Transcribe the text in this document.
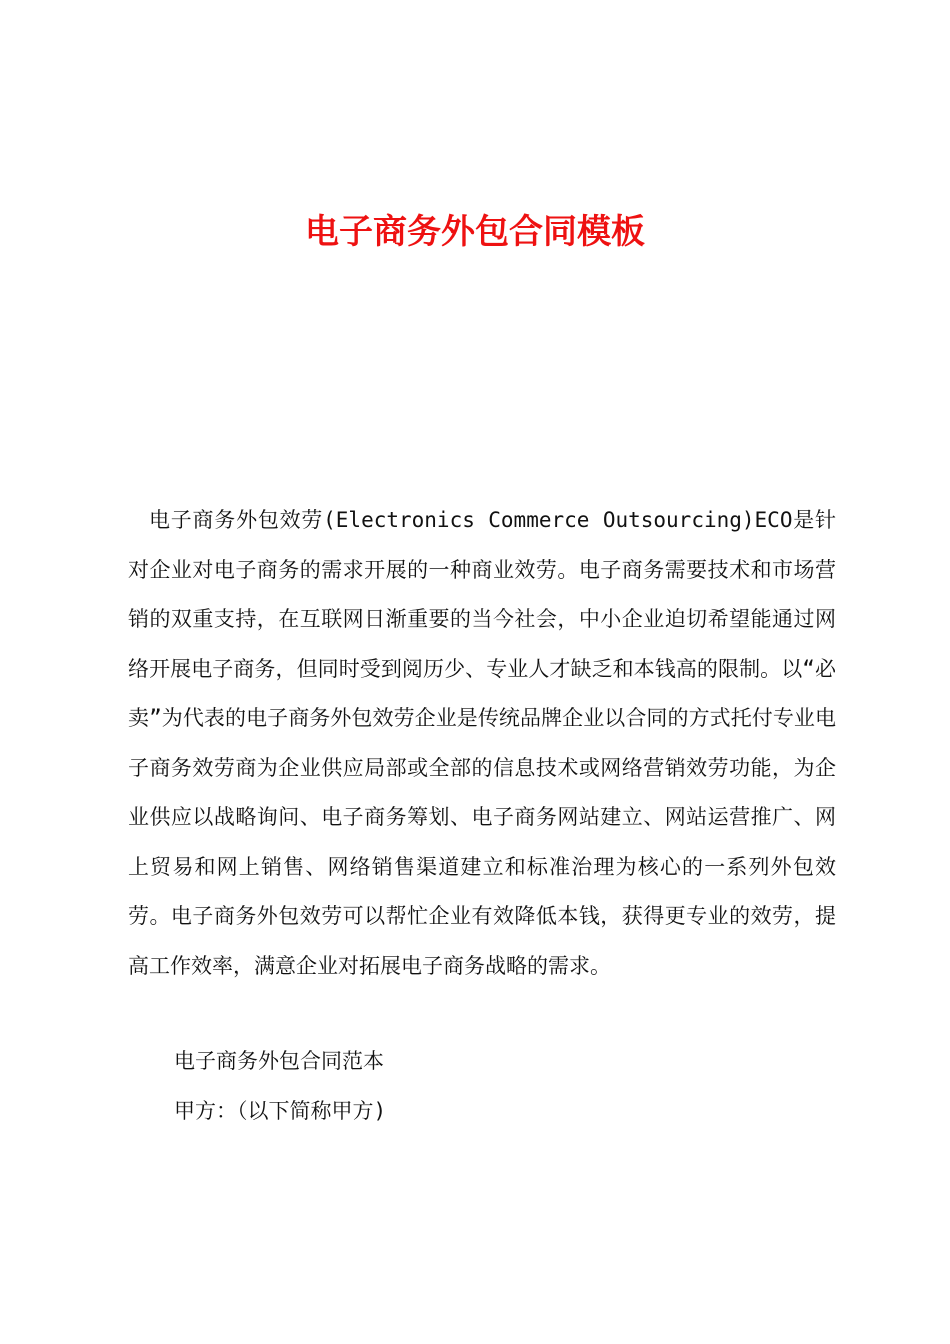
电子商务外包合同模板

电子商务外包效劳(Electronics Commerce Outsourcing)ECO是针对企业对电子商务的需求开展的一种商业效劳。电子商务需要技术和市场营销的双重支持，在互联网日渐重要的当今社会，中小企业迫切希望能通过网络开展电子商务，但同时受到阅历少、专业人才缺乏和本钱高的限制。以“必卖”为代表的电子商务外包效劳企业是传统品牌企业以合同的方式托付专业电子商务效劳商为企业供应局部或全部的信息技术或网络营销效劳功能，为企业供应以战略询问、电子商务筹划、电子商务网站建立、网站运营推广、网上贸易和网上销售、网络销售渠道建立和标准治理为核心的一系列外包效劳。电子商务外包效劳可以帮忙企业有效降低本钱，获得更专业的效劳，提高工作效率，满意企业对拓展电子商务战略的需求。

电子商务外包合同范本

甲方：（以下简称甲方)
